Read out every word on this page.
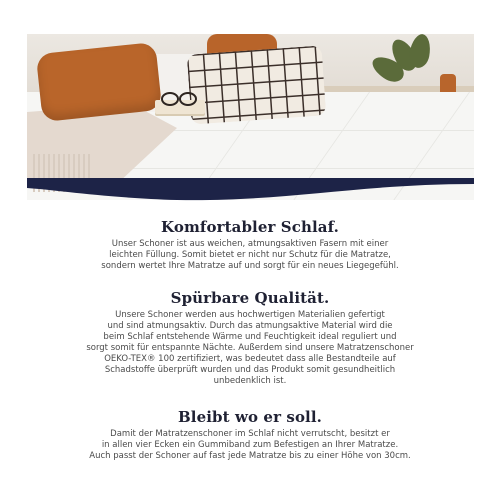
Komfortabler Schlaf.
Unser Schoner ist aus weichen, atmungsaktiven Fasern mit einer
leichten Füllung. Somit bietet er nicht nur Schutz für die Matratze,
sondern wertet Ihre Matratze auf und sorgt für ein neues Liegegefühl.
Spürbare Qualität.
Unsere Schoner werden aus hochwertigen Materialien gefertigt
und sind atmungsaktiv. Durch das atmungsaktive Material wird die
beim Schlaf entstehende Wärme und Feuchtigkeit ideal reguliert und
sorgt somit für entspannte Nächte. Außerdem sind unsere Matratzenschoner
OEKO-TEX® 100 zertifiziert, was bedeutet dass alle Bestandteile auf
Schadstoffe überprüft wurden und das Produkt somit gesundheitlich
unbedenklich ist.
Bleibt wo er soll.
Damit der Matratzenschoner im Schlaf nicht verrutscht, besitzt er
in allen vier Ecken ein Gummiband zum Befestigen an Ihrer Matratze.
Auch passt der Schoner auf fast jede Matratze bis zu einer Höhe von 30cm.
